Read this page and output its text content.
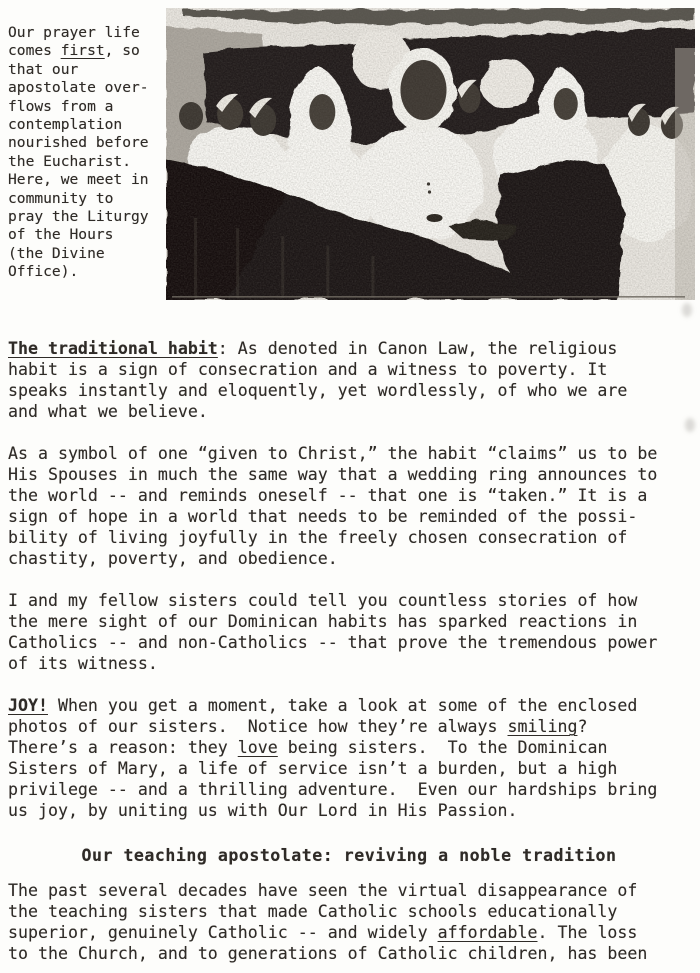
Our prayer life
comes first, so
that our
apostolate over-
flows from a
contemplation
nourished before
the Eucharist.
Here, we meet in
community to
pray the Liturgy
of the Hours
(the Divine
Office).

The traditional habit: As denoted in Canon Law, the religious
habit is a sign of consecration and a witness to poverty. It
speaks instantly and eloquently, yet wordlessly, of who we are
and what we believe.

As a symbol of one “given to Christ,” the habit “claims” us to be
His Spouses in much the same way that a wedding ring announces to
the world -- and reminds oneself -- that one is “taken.” It is a
sign of hope in a world that needs to be reminded of the possi-
bility of living joyfully in the freely chosen consecration of
chastity, poverty, and obedience.

I and my fellow sisters could tell you countless stories of how
the mere sight of our Dominican habits has sparked reactions in
Catholics -- and non-Catholics -- that prove the tremendous power
of its witness.

JOY! When you get a moment, take a look at some of the enclosed
photos of our sisters.  Notice how they’re always smiling?
There’s a reason: they love being sisters.  To the Dominican
Sisters of Mary, a life of service isn’t a burden, but a high
privilege -- and a thrilling adventure.  Even our hardships bring
us joy, by uniting us with Our Lord in His Passion.

Our teaching apostolate: reviving a noble tradition

The past several decades have seen the virtual disappearance of
the teaching sisters that made Catholic schools educationally
superior, genuinely Catholic -- and widely affordable. The loss
to the Church, and to generations of Catholic children, has been
